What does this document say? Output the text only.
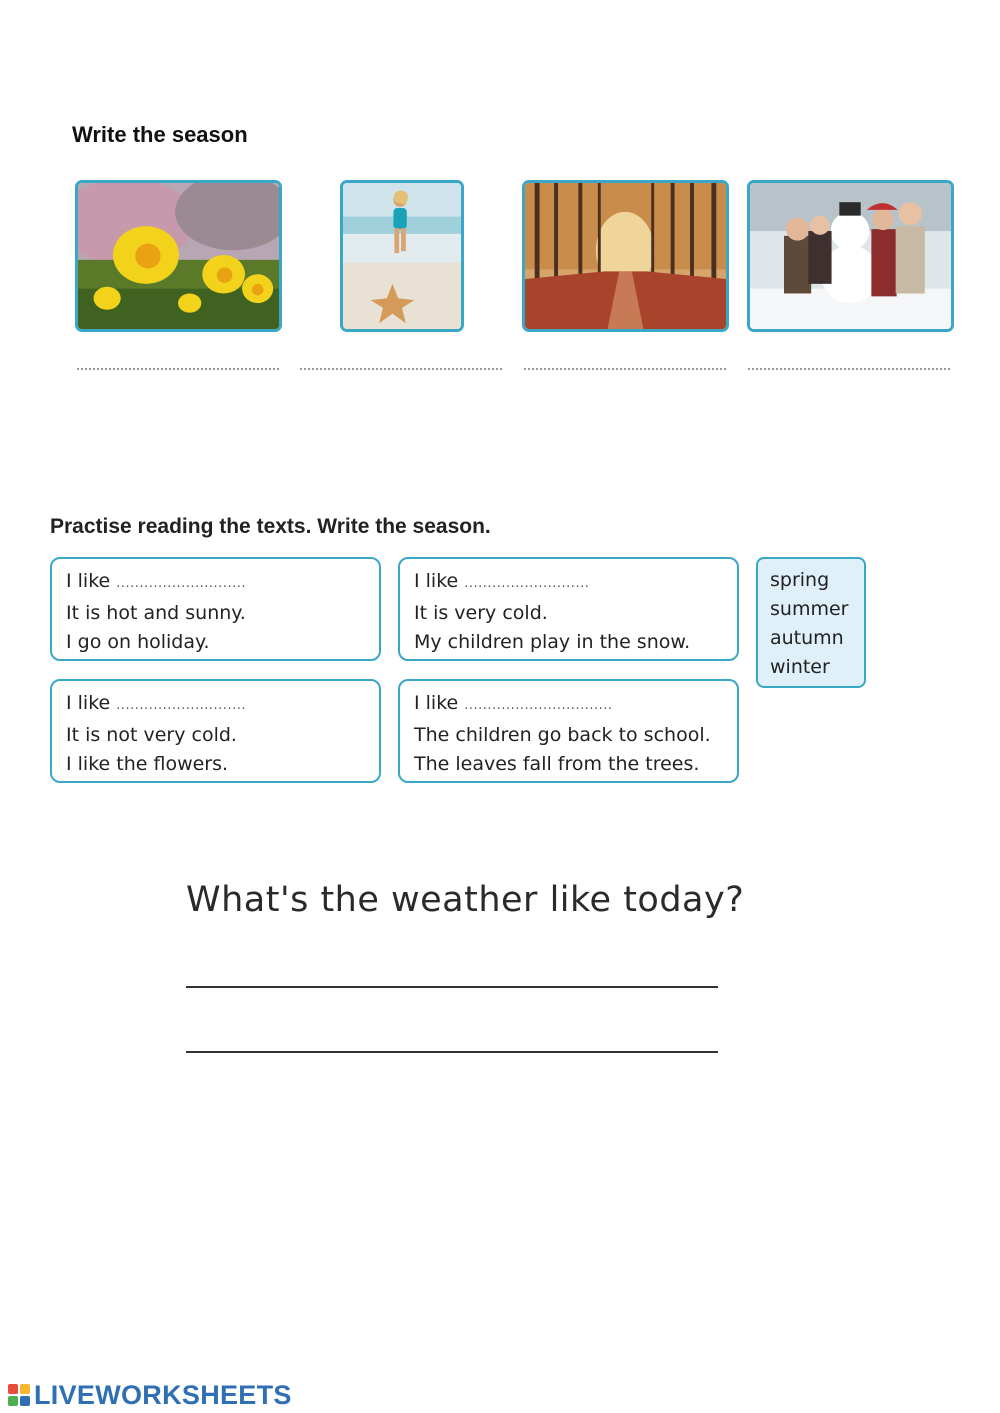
Write the season
Practise reading the texts. Write the season.
I like ............................
It is hot and sunny.
I go on holiday.
I like ...........................
It is very cold.
My children play in the snow.
I like ............................
It is not very cold.
I like the flowers.
I like ................................
The children go back to school.
The leaves fall from the trees.
spring
summer
autumn
winter
What's the weather like today?
LIVEWORKSHEETS
